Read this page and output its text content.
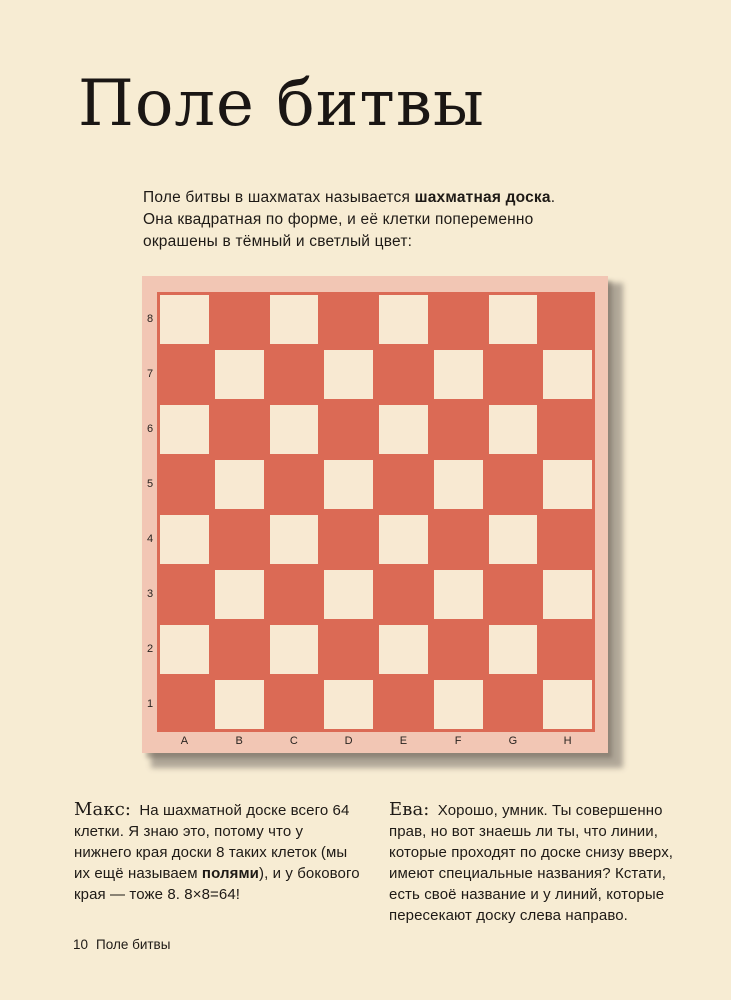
Поле битвы

Поле битвы в шахматах называется шахматная доска. Она квадратная по форме, и её клетки попеременно окрашены в тёмный и светлый цвет:

8
7
6
5
4
3
2
1
A	B	C	D	E	F	G	H
Макс: На шахматной доске всего 64 клетки. Я знаю это, потому что у нижнего края доски 8 таких клеток (мы их ещё называем полями), и у бокового края — тоже 8. 8×8=64!
Ева: Хорошо, умник. Ты совершенно прав, но вот знаешь ли ты, что линии, которые проходят по доске снизу вверх, имеют специальные названия? Кстати, есть своё название и у линий, которые пересекают доску слева направо.
10 Поле битвы
